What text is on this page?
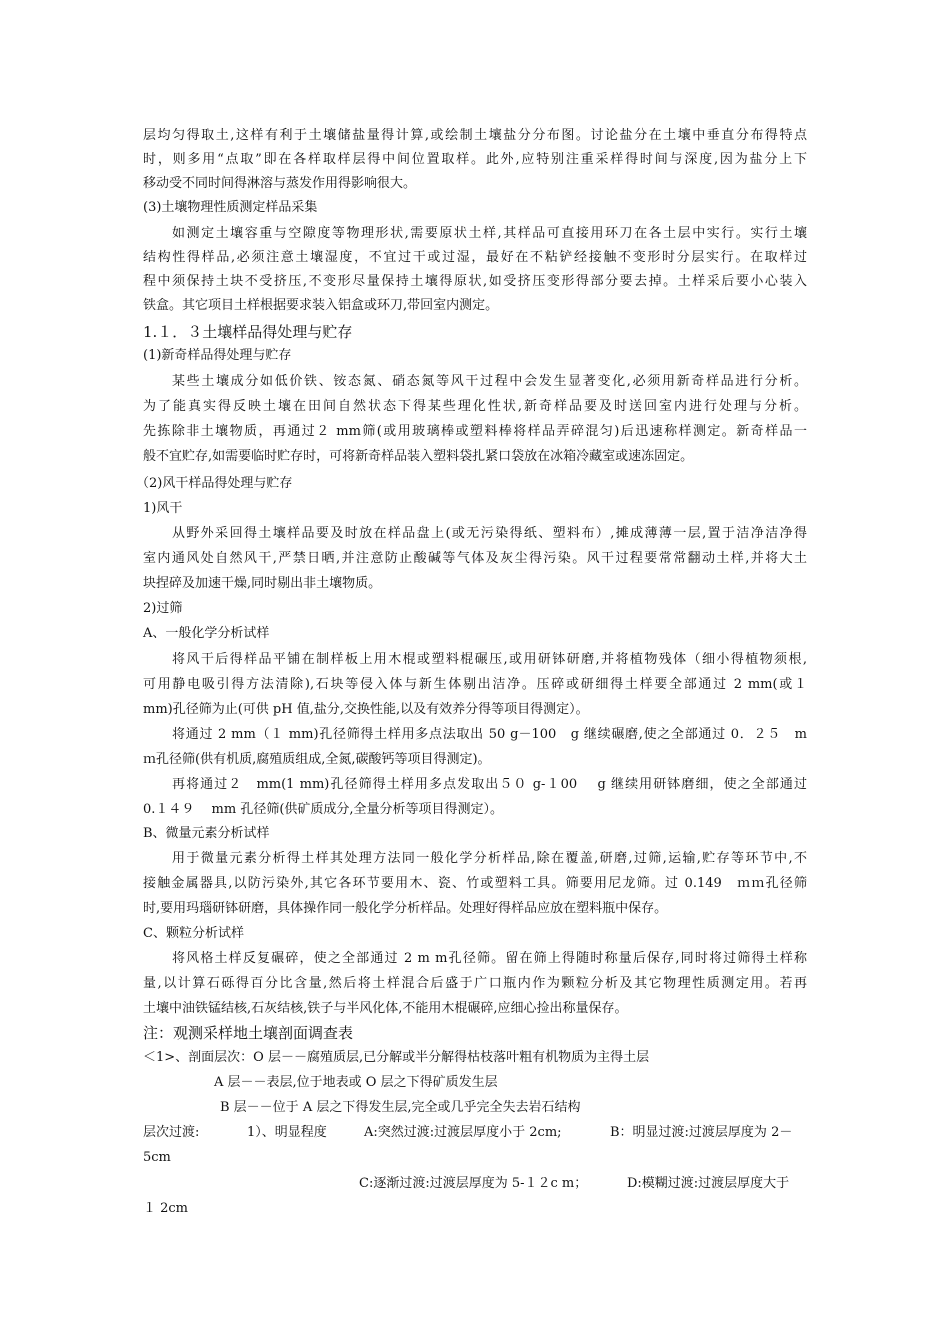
层均匀得取土,这样有利于土壤储盐量得计算,或绘制土壤盐分分布图。讨论盐分在土壤中垂直分布得特点
时，则多用“点取”即在各样取样层得中间位置取样。此外,应特别注重采样得时间与深度,因为盐分上下
移动受不同时间得淋溶与蒸发作用得影响很大。
(3)土壤物理性质测定样品采集
如测定土壤容重与空隙度等物理形状,需要原状土样,其样品可直接用环刀在各土层中实行。实行土壤
结构性得样品,必须注意土壤湿度，不宜过干或过湿，最好在不粘铲经接触不变形时分层实行。在取样过
程中须保持土块不受挤压,不变形尽量保持土壤得原状,如受挤压变形得部分要去掉。土样采后要小心装入
铁盒。其它项目土样根据要求装入铝盒或环刀,带回室内测定。
1.１．３土壤样品得处理与贮存
(1)新奇样品得处理与贮存
某些土壤成分如低价铁、铵态氮、硝态氮等风干过程中会发生显著变化,必须用新奇样品进行分析。
为了能真实得反映土壤在田间自然状态下得某些理化性状,新奇样品要及时送回室内进行处理与分析。
先拣除非土壤物质，再通过２ mm筛(或用玻璃棒或塑料棒将样品弄碎混匀)后迅速称样测定。新奇样品一
般不宜贮存,如需要临时贮存时，可将新奇样品装入塑料袋扎紧口袋放在冰箱冷藏室或速冻固定。
（2)风干样品得处理与贮存
1)风干
从野外采回得土壤样品要及时放在样品盘上(或无污染得纸、塑料布）,摊成薄薄一层,置于洁净洁净得
室内通风处自然风干,严禁日晒,并注意防止酸碱等气体及灰尘得污染。风干过程要常常翻动土样,并将大土
块捏碎及加速干燥,同时剔出非土壤物质。
2)过筛
A、一般化学分析试样
将风干后得样品平铺在制样板上用木棍或塑料棍碾压,或用研钵研磨,并将植物残体（细小得植物须根,
可用静电吸引得方法清除),石块等侵入体与新生体剔出洁净。压碎或研细得土样要全部通过 2 mm(或１
mm)孔径筛为止(可供 pH 值,盐分,交换性能,以及有效养分得等项目得测定）。
将通过 2 mm（１ mm)孔径筛得土样用多点法取出 50 g－100　g 继续碾磨,使之全部通过 0．２５　m
ｍ孔径筛(供有机质,腐殖质组成,全氮,碳酸钙等项目得测定)。
再将通过２　mm(1 mm)孔径筛得土样用多点发取出５０ g-１00　 g 继续用研钵磨细，使之全部通过
0.１４９　 mm 孔径筛(供矿质成分,全量分析等项目得测定）。
B、微量元素分析试样
用于微量元素分析得土样其处理方法同一般化学分析样品,除在覆盖,研磨,过筛,运输,贮存等环节中,不
接触金属器具,以防污染外,其它各环节要用木、瓷、竹或塑料工具。筛要用尼龙筛。过 0.149　ｍｍ孔径筛
时,要用玛瑙研钵研磨，具体操作同一般化学分析样品。处理好得样品应放在塑料瓶中保存。
C、颗粒分析试样
将风格土样反复碾碎，使之全部通过 2 m m孔径筛。留在筛上得随时称量后保存,同时将过筛得土样称
量,以计算石砾得百分比含量,然后将土样混合后盛于广口瓶内作为颗粒分析及其它物理性质测定用。若再
土壤中油铁锰结核,石灰结核,铁子与半风化体,不能用木棍碾碎,应细心捡出称量保存。
注：观测采样地土壤剖面调查表
＜1>、剖面层次：O 层－－腐殖质层,已分解或半分解得枯枝落叶粗有机物质为主得土层
A 层－－表层,位于地表或 O 层之下得矿质发生层
B 层－－位于 A 层之下得发生层,完全或几乎完全失去岩石结构
层次过渡:	1）、明显程度	A:突然过渡:过渡层厚度小于 2cm;	B：明显过渡:过渡层厚度为 2－
5cm
C:逐渐过渡:过渡层厚度为 5-１２c m；	D:模糊过渡:过渡层厚度大于
１ 2cm
